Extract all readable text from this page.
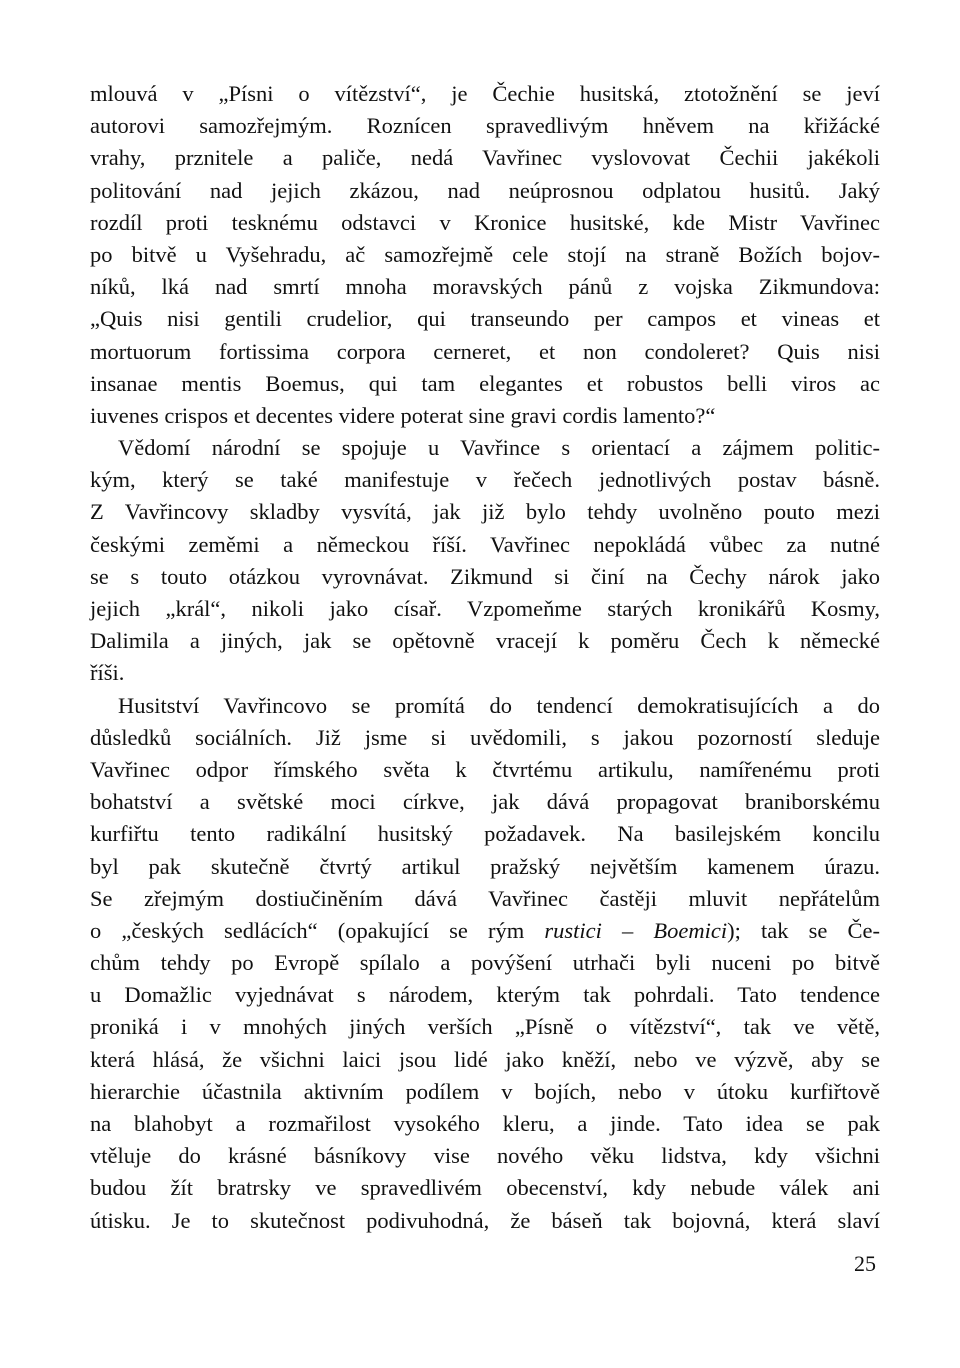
mlouvá v „Písni o vítězství“, je Čechie husitská, ztotožnění se jeví
autorovi samozřejmým. Roznícen spravedlivým hněvem na křižácké
vrahy, prznitele a paliče, nedá Vavřinec vyslovovat Čechii jakékoli
politování nad jejich zkázou, nad neúprosnou odplatou husitů. Jaký
rozdíl proti tesknému odstavci v Kronice husitské, kde Mistr Vavřinec
po bitvě u Vyšehradu, ač samozřejmě cele stojí na straně Božích bojov-
níků, lká nad smrtí mnoha moravských pánů z vojska Zikmundova:
„Quis nisi gentili crudelior, qui transeundo per campos et vineas et
mortuorum fortissima corpora cerneret, et non condoleret? Quis nisi
insanae mentis Boemus, qui tam elegantes et robustos belli viros ac
iuvenes crispos et decentes videre poterat sine gravi cordis lamento?“
Vědomí národní se spojuje u Vavřince s orientací a zájmem politic-
kým, který se také manifestuje v řečech jednotlivých postav básně.
Z Vavřincovy skladby vysvítá, jak již bylo tehdy uvolněno pouto mezi
českými zeměmi a německou říší. Vavřinec nepokládá vůbec za nutné
se s touto otázkou vyrovnávat. Zikmund si činí na Čechy nárok jako
jejich „král“, nikoli jako císař. Vzpomeňme starých kronikářů Kosmy,
Dalimila a jiných, jak se opětovně vracejí k poměru Čech k německé
říši.
Husitství Vavřincovo se promítá do tendencí demokratisujících a do
důsledků sociálních. Již jsme si uvědomili, s jakou pozorností sleduje
Vavřinec odpor římského světa k čtvrtému artikulu, namířenému proti
bohatství a světské moci církve, jak dává propagovat braniborskému
kurfiřtu tento radikální husitský požadavek. Na basilejském koncilu
byl pak skutečně čtvrtý artikul pražský největším kamenem úrazu.
Se zřejmým dostiučiněním dává Vavřinec častěji mluvit nepřátelům
o „českých sedlácích“ (opakující se rým rustici – Boemici); tak se Če-
chům tehdy po Evropě spílalo a povýšení utrhači byli nuceni po bitvě
u Domažlic vyjednávat s národem, kterým tak pohrdali. Tato tendence
proniká i v mnohých jiných verších „Písně o vítězství“, tak ve větě,
která hlásá, že všichni laici jsou lidé jako kněží, nebo ve výzvě, aby se
hierarchie účastnila aktivním podílem v bojích, nebo v útoku kurfiřtově
na blahobyt a rozmařilost vysokého kleru, a jinde. Tato idea se pak
vtěluje do krásné básníkovy vise nového věku lidstva, kdy všichni
budou žít bratrsky ve spravedlivém obecenství, kdy nebude válek ani
útisku. Je to skutečnost podivuhodná, že báseň tak bojovná, která slaví
25
